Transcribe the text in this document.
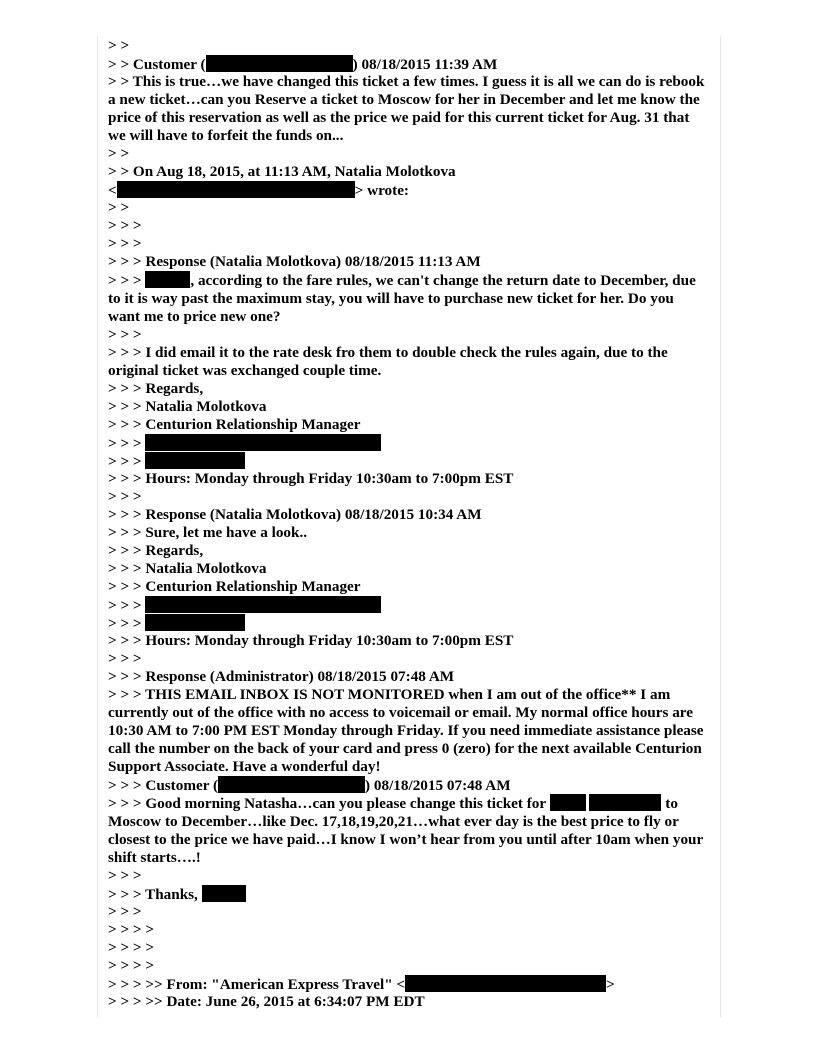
> >
> > Customer (	) 08/18/2015 11:39 AM
> > This is true…we have changed this ticket a few times. I guess it is all we can do is rebook a new ticket…can you Reserve a ticket to Moscow for her in December and let me know the price of this reservation as well as the price we paid for this current ticket for Aug. 31 that we will have to forfeit the funds on...
> >
> > On Aug 18, 2015, at 11:13 AM, Natalia Molotkova
<	> wrote:
> >
> > >
> > >
> > > Response (Natalia Molotkova) 08/18/2015 11:13 AM
> > >	, according to the fare rules, we can't change the return date to December, due to it is way past the maximum stay, you will have to purchase new ticket for her. Do you want me to price new one?
> > >
> > > I did email it to the rate desk fro them to double check the rules again, due to the original ticket was exchanged couple time.
> > > Regards,
> > > Natalia Molotkova
> > > Centurion Relationship Manager
> > >
> > >
> > > Hours: Monday through Friday 10:30am to 7:00pm EST
> > >
> > > Response (Natalia Molotkova) 08/18/2015 10:34 AM
> > > Sure, let me have a look..
> > > Regards,
> > > Natalia Molotkova
> > > Centurion Relationship Manager
> > >
> > >
> > > Hours: Monday through Friday 10:30am to 7:00pm EST
> > >
> > > Response (Administrator) 08/18/2015 07:48 AM
> > > THIS EMAIL INBOX IS NOT MONITORED when I am out of the office** I am currently out of the office with no access to voicemail or email. My normal office hours are 10:30 AM to 7:00 PM EST Monday through Friday. If you need immediate assistance please call the number on the back of your card and press 0 (zero) for the next available Centurion Support Associate. Have a wonderful day!
> > > Customer (	) 08/18/2015 07:48 AM
> > > Good morning Natasha…can you please change this ticket for	to Moscow to December…like Dec. 17,18,19,20,21…what ever day is the best price to fly or closest to the price we have paid…I know I won’t hear from you until after 10am when your shift starts….!
> > >
> > > Thanks,
> > >
> > > >
> > > >
> > > >
> > > >> From: "American Express Travel" <	>
> > > >> Date: June 26, 2015 at 6:34:07 PM EDT
